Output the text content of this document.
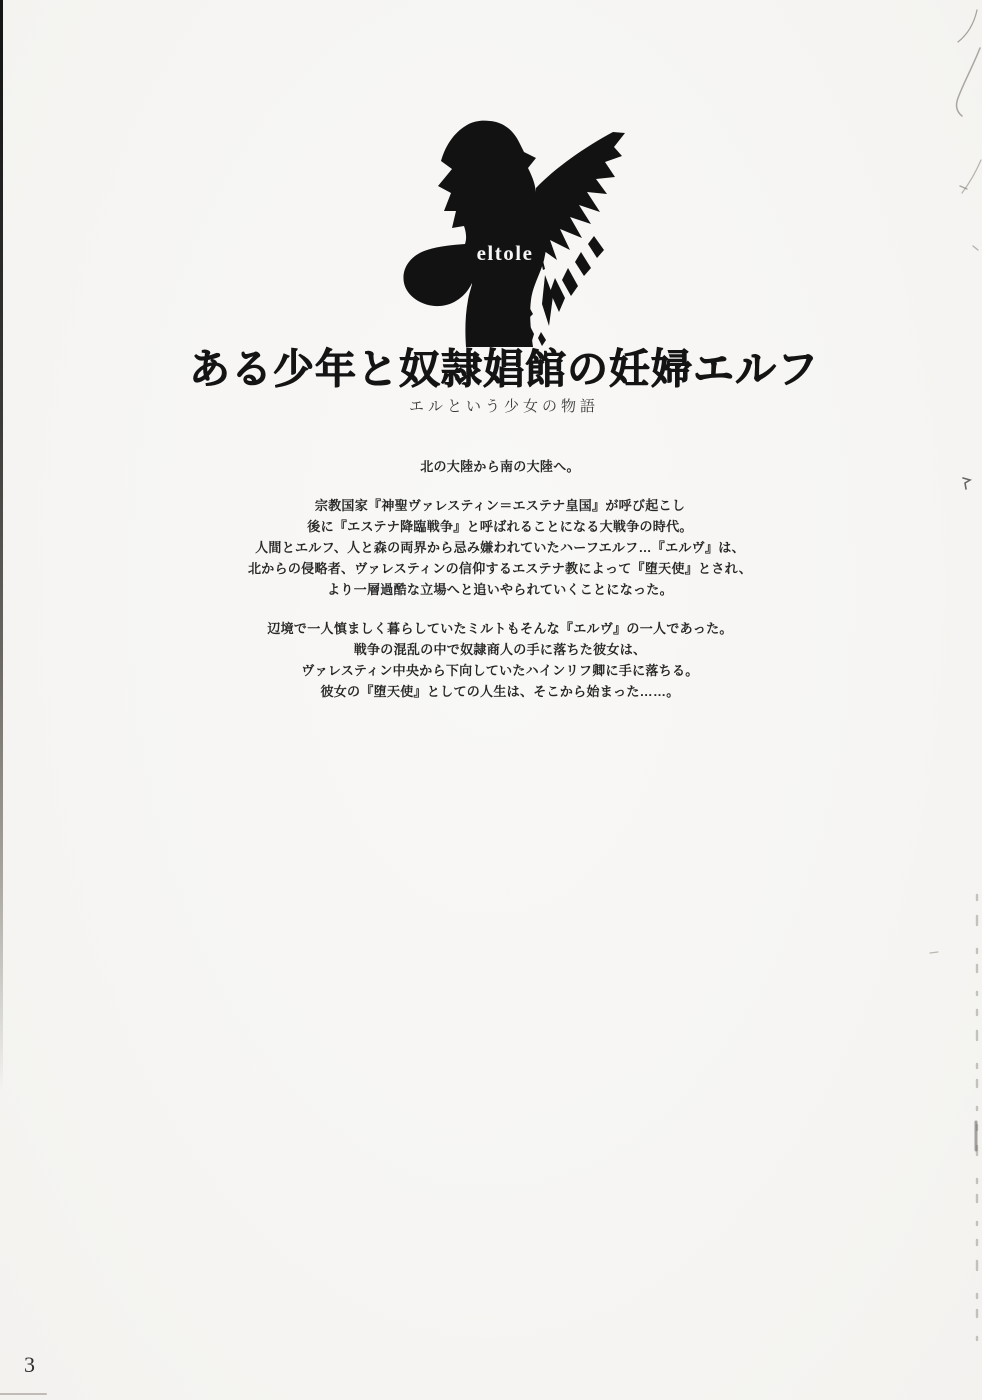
eltole
ある少年と奴隷娼館の妊婦エルフ
エルという少女の物語
北の大陸から南の大陸へ。
宗教国家『神聖ヴァレスティン＝エステナ皇国』が呼び起こし
後に『エステナ降臨戦争』と呼ばれることになる大戦争の時代。
人間とエルフ、人と森の両界から忌み嫌われていたハーフエルフ…『エルヴ』は、
北からの侵略者、ヴァレスティンの信仰するエステナ教によって『堕天使』とされ、
より一層過酷な立場へと追いやられていくことになった。
辺境で一人慎ましく暮らしていたミルトもそんな『エルヴ』の一人であった。
戦争の混乱の中で奴隷商人の手に落ちた彼女は、
ヴァレスティン中央から下向していたハインリフ卿に手に落ちる。
彼女の『堕天使』としての人生は、そこから始まった……。
3
